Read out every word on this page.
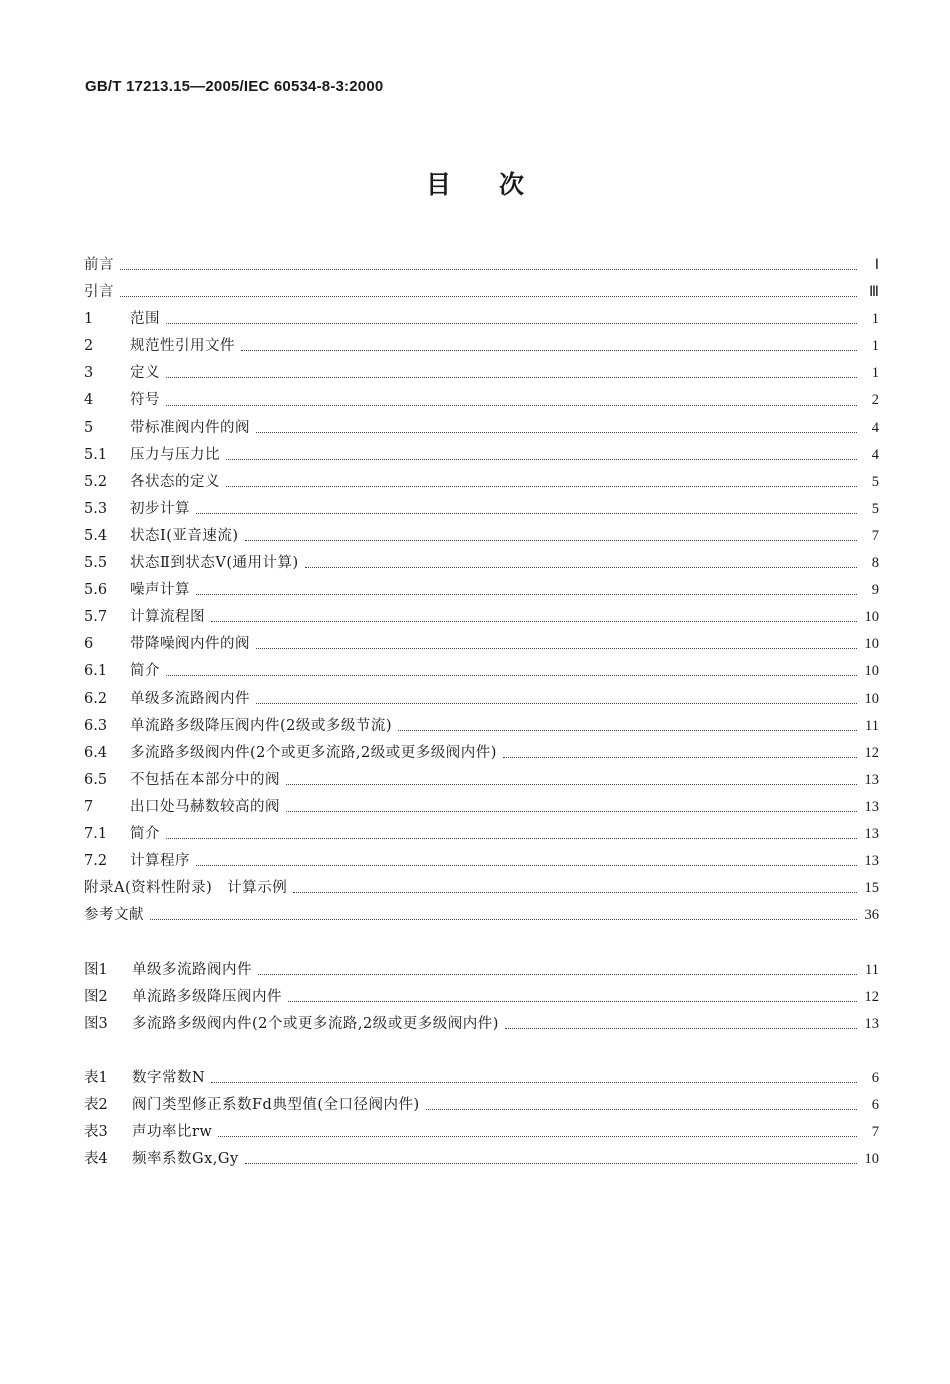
GB/T 17213.15—2005/IEC 60534-8-3:2000
目次
前言	Ⅰ
引言	Ⅲ
1	范围	1
2	规范性引用文件	1
3	定义	1
4	符号	2
5	带标准阀内件的阀	4
5.1	压力与压力比	4
5.2	各状态的定义	5
5.3	初步计算	5
5.4	状态Ⅰ(亚音速流)	7
5.5	状态Ⅱ到状态Ⅴ(通用计算)	8
5.6	噪声计算	9
5.7	计算流程图	10
6	带降噪阀内件的阀	10
6.1	简介	10
6.2	单级多流路阀内件	10
6.3	单流路多级降压阀内件(2级或多级节流)	11
6.4	多流路多级阀内件(2个或更多流路,2级或更多级阀内件)	12
6.5	不包括在本部分中的阀	13
7	出口处马赫数较高的阀	13
7.1	简介	13
7.2	计算程序	13
附录A(资料性附录)　计算示例	15
参考文献	36
图1	单级多流路阀内件	11
图2	单流路多级降压阀内件	12
图3	多流路多级阀内件(2个或更多流路,2级或更多级阀内件)	13
表1	数字常数N	6
表2	阀门类型修正系数Fd典型值(全口径阀内件)	6
表3	声功率比rw	7
表4	频率系数Gx,Gy	10
